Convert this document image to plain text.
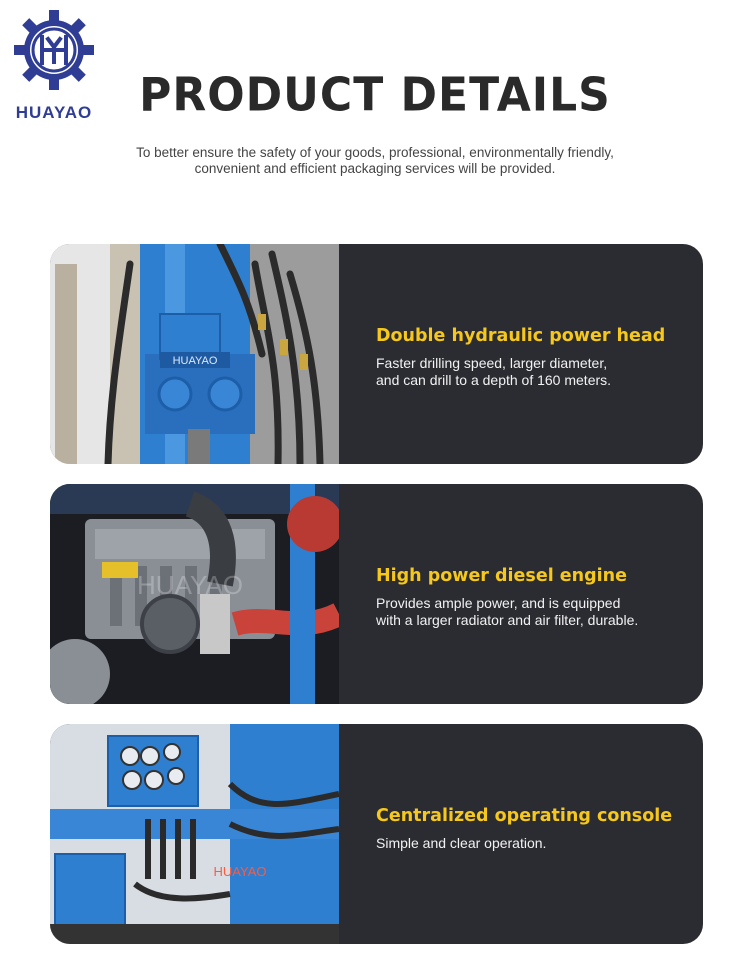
HUAYAO	PRODUCT DETAILS
To better ensure the safety of your goods, professional, environmentally friendly,
convenient and efficient packaging services will be provided.
HUAYAO
Double hydraulic power head
Faster drilling speed, larger diameter,
and can drill to a depth of 160 meters.
HUAYAO	High power diesel engine
Provides ample power, and is equipped
with a larger radiator and air filter, durable.
HUAYAO
Centralized operating console
Simple and clear operation.
